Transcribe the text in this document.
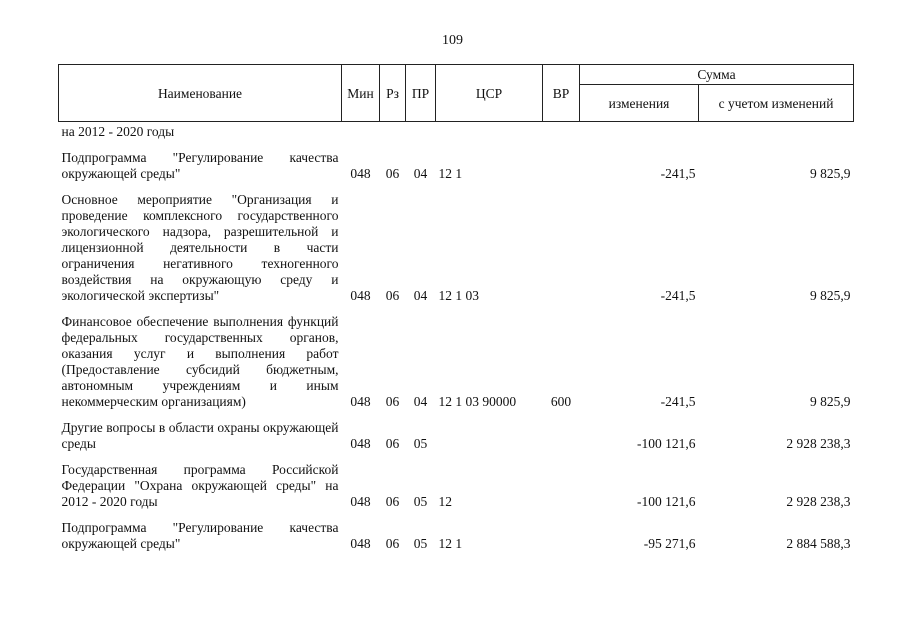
109
Наименование	Мин	Рз	ПР	ЦСР	ВР	Сумма	
						изменения	с учетом изменений
на 2012 - 2020 годы							

Подпрограмма "Регулирование качества окружающей среды"	048	06	04	12 1		-241,5	9 825,9

Основное мероприятие "Организация и проведение комплексного государственного экологического надзора, разрешительной и лицензионной деятельности в части ограничения негативного техногенного воздействия на окружающую среду и экологической экспертизы"	048	06	04	12 1 03		-241,5	9 825,9

Финансовое обеспечение выполнения функций федеральных государственных органов, оказания услуг и выполнения работ (Предоставление субсидий бюджетным, автономным учреждениям и иным некоммерческим организациям)	048	06	04	12 1 03 90000	600	-241,5	9 825,9

Другие вопросы в области охраны окружающей среды	048	06	05			-100 121,6	2 928 238,3

Государственная программа Российской Федерации "Охрана окружающей среды" на 2012 - 2020 годы	048	06	05	12		-100 121,6	2 928 238,3

Подпрограмма "Регулирование качества окружающей среды"	048	06	05	12 1		-95 271,6	2 884 588,3
